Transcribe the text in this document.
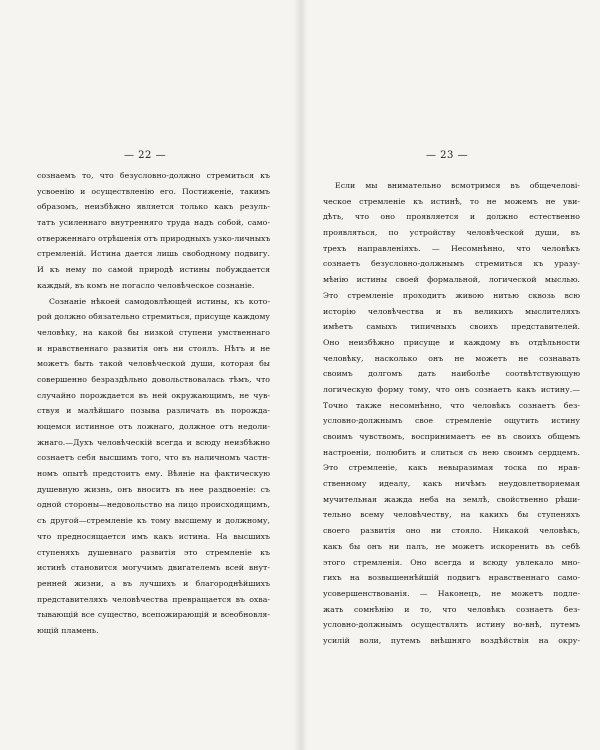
— 22 —
сознаемъ то, что безусловно-должно стремиться къ
усвоенію и осуществленію его. Постиженіе, такимъ
образомъ, неизбѣжно является только какъ резуль-
татъ усиленнаго внутренняго труда надъ собой, само-
отверженнаго отрѣшенія отъ природныхъ узко-личныхъ
стремленій. Истина дается лишь свободному подвигу.
И къ нему по самой природѣ истины побуждается
каждый, въ комъ не погасло человѣческое сознаніе.
Сознаніе нѣкоей самодовлѣющей истины, къ кото-
рой должно обязательно стремиться, присуще каждому
человѣку, на какой бы низкой ступени умственнаго
и нравственнаго развитія онъ ни стоялъ. Нѣтъ и не
можетъ быть такой человѣческой души, которая бы
совершенно безраздѣльно довольствовалась тѣмъ, что
случайно порождается въ ней окружающимъ, не чув-
ствуя и малѣйшаго позыва различать въ порожда-
ющемся истинное отъ ложнаго, должное отъ недоли-
жнаго.—Духъ человѣческій всегда и всюду неизбѣжно
сознаетъ себя высшимъ того, что въ наличномъ частн-
номъ опытѣ предстоитъ ему. Вѣяніе на фактическую
душевную жизнь, онъ вноситъ въ нее раздвоеніе: съ
одной стороны—недовольство на лицо происходящимъ,
съ другой—стремленіе къ тому высшему и должному,
что предносящается имъ какъ истина. На высшихъ
ступеняхъ душевнаго развитія это стремленіе къ
истинѣ становится могучимъ двигателемъ всей внут-
ренней жизни, а въ лучшихъ и благороднѣйшихъ
представителяхъ человѣчества превращается въ охва-
тывающій все существо, всепожирающій и всеобновля-
ющій пламень.
— 23 —
Если мы внимательно всмотримся въ общечелові-
ческое стремленіе къ истинѣ, то не можемъ не уви-
дѣть, что оно проявляется и должно естественно
проявляться, по устройству человѣческой души, въ
трехъ направленіяхъ. — Несомнѣнно, что человѣкъ
сознаетъ безусловно-должнымъ стремиться къ уразу-
мѣнію истины своей формальной, логической мыслью.
Это стремленіе проходитъ живою нитью сквозь всю
исторію человѣчества и въ великихъ мыслителяхъ
имѣетъ самыхъ типичныхъ своихъ представителей.
Оно неизбѣжно присуще и каждому въ отдѣльности
человѣку, насколько онъ не можетъ не сознавать
своимъ долгомъ дать наиболѣе соотвѣтствующую
логическую форму тому, что онъ сознаетъ какъ истину.—
Точно также несомнѣнно, что человѣкъ сознаетъ без-
условно-должнымъ свое стремленіе ощутить истину
своимъ чувствомъ, воспринимаетъ ее въ своихъ общемъ
настроеніи, полюбить и слиться съ нею своимъ сердцемъ.
Это стремленіе, какъ невыразимая тоска по нрав-
ственному идеалу, какъ ничѣмъ неудовлетворяемая
мучительная жажда неба на землѣ, свойственно рѣши-
тельно всему человѣчеству, на какихъ бы ступеняхъ
своего развитія оно ни стояло. Никакой человѣкъ,
какъ бы онъ ни палъ, не можетъ искоренить въ себѣ
этого стремленія. Оно всегда и всюду увлекало мно-
гихъ на возвышеннѣйшій подвигъ нравственнаго само-
усовершенствованія. — Наконецъ, не можетъ подле-
жать сомнѣнію и то, что человѣкъ сознаетъ без-
условно-должнымъ осуществлять истину во-внѣ, путемъ
усилій воли, путемъ внѣшняго воздѣйствія на окру-
